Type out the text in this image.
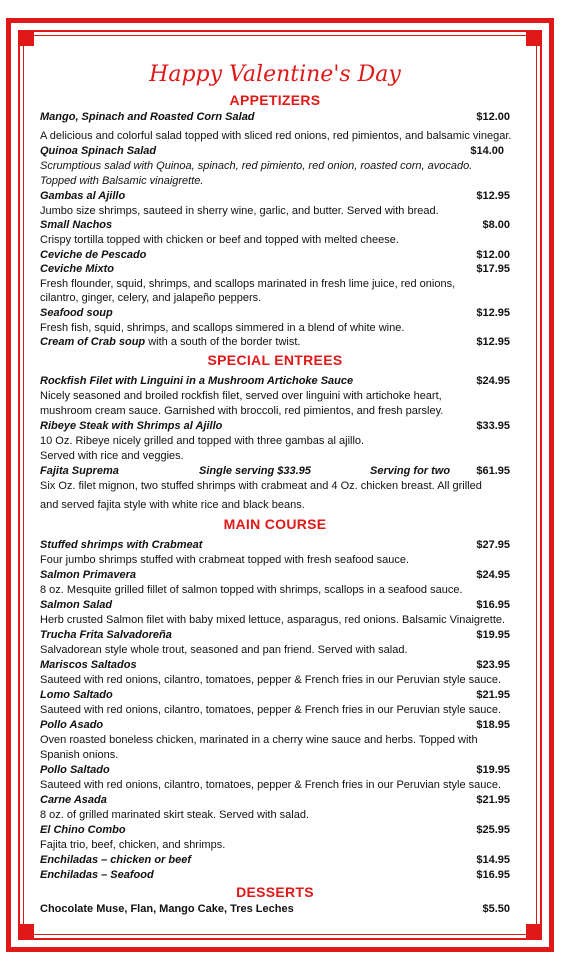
Happy Valentine's Day
APPETIZERS
Mango, Spinach and Roasted Corn Salad	$12.00
A delicious and colorful salad topped with sliced red onions, red pimientos, and balsamic vinegar.
Quinoa Spinach Salad	$14.00
Scrumptious salad with Quinoa, spinach, red pimiento, red onion, roasted corn, avocado.
Topped with Balsamic vinaigrette.
Gambas al Ajillo	$12.95
Jumbo size shrimps, sauteed in sherry wine, garlic, and butter. Served with bread.
Small Nachos	$8.00
Crispy tortilla topped with chicken or beef and topped with melted cheese.
Ceviche de Pescado	$12.00
Ceviche Mixto	$17.95
Fresh flounder, squid, shrimps, and scallops marinated in fresh lime juice, red onions,
cilantro, ginger, celery, and jalapeño peppers.
Seafood soup	$12.95
Fresh fish, squid, shrimps, and scallops simmered in a blend of white wine.
Cream of Crab soup with a south of the border twist.	$12.95
SPECIAL ENTREES
Rockfish Filet with Linguini in a Mushroom Artichoke Sauce	$24.95
Nicely seasoned and broiled rockfish filet, served over linguini with artichoke heart,
mushroom cream sauce. Garnished with broccoli, red pimientos, and fresh parsley.
Ribeye Steak with Shrimps al Ajillo	$33.95
10 Oz. Ribeye nicely grilled and topped with three gambas al ajillo.
Served with rice and veggies.
Fajita Suprema	Single serving $33.95	Serving for two $61.95
Six Oz. filet mignon, two stuffed shrimps with crabmeat and 4 Oz. chicken breast. All grilled
and served fajita style with white rice and black beans.
MAIN COURSE
Stuffed shrimps with Crabmeat	$27.95
Four jumbo shrimps stuffed with crabmeat topped with fresh seafood sauce.
Salmon Primavera	$24.95
8 oz. Mesquite grilled fillet of salmon topped with shrimps, scallops in a seafood sauce.
Salmon Salad	$16.95
Herb crusted Salmon filet with baby mixed lettuce, asparagus, red onions. Balsamic Vinaigrette.
Trucha Frita Salvadoreña	$19.95
Salvadorean style whole trout, seasoned and pan friend. Served with salad.
Mariscos Saltados	$23.95
Sauteed with red onions, cilantro, tomatoes, pepper & French fries in our Peruvian style sauce.
Lomo Saltado	$21.95
Sauteed with red onions, cilantro, tomatoes, pepper & French fries in our Peruvian style sauce.
Pollo Asado	$18.95
Oven roasted boneless chicken, marinated in a cherry wine sauce and herbs. Topped with
Spanish onions.
Pollo Saltado	$19.95
Sauteed with red onions, cilantro, tomatoes, pepper & French fries in our Peruvian style sauce.
Carne Asada	$21.95
8 oz. of grilled marinated skirt steak. Served with salad.
El Chino Combo	$25.95
Fajita trio, beef, chicken, and shrimps.
Enchiladas – chicken or beef	$14.95
Enchiladas – Seafood	$16.95
DESSERTS
Chocolate Muse, Flan, Mango Cake, Tres Leches	$5.50
